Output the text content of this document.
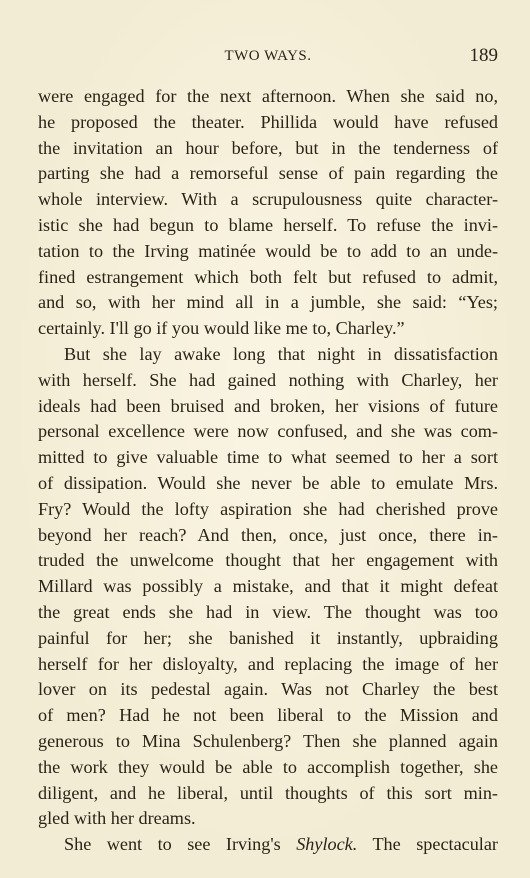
TWO WAYS.	189

were engaged for the next afternoon. When she said no,
he proposed the theater. Phillida would have refused
the invitation an hour before, but in the tenderness of
parting she had a remorseful sense of pain regarding the
whole interview. With a scrupulousness quite character-
istic she had begun to blame herself. To refuse the invi-
tation to the Irving matinée would be to add to an unde-
fined estrangement which both felt but refused to admit,
and so, with her mind all in a jumble, she said: “Yes;
certainly. I'll go if you would like me to, Charley.”

But she lay awake long that night in dissatisfaction
with herself. She had gained nothing with Charley, her
ideals had been bruised and broken, her visions of future
personal excellence were now confused, and she was com-
mitted to give valuable time to what seemed to her a sort
of dissipation. Would she never be able to emulate Mrs.
Fry? Would the lofty aspiration she had cherished prove
beyond her reach? And then, once, just once, there in-
truded the unwelcome thought that her engagement with
Millard was possibly a mistake, and that it might defeat
the great ends she had in view. The thought was too
painful for her; she banished it instantly, upbraiding
herself for her disloyalty, and replacing the image of her
lover on its pedestal again. Was not Charley the best
of men? Had he not been liberal to the Mission and
generous to Mina Schulenberg? Then she planned again
the work they would be able to accomplish together, she
diligent, and he liberal, until thoughts of this sort min-
gled with her dreams.

She went to see Irving's Shylock. The spectacular
